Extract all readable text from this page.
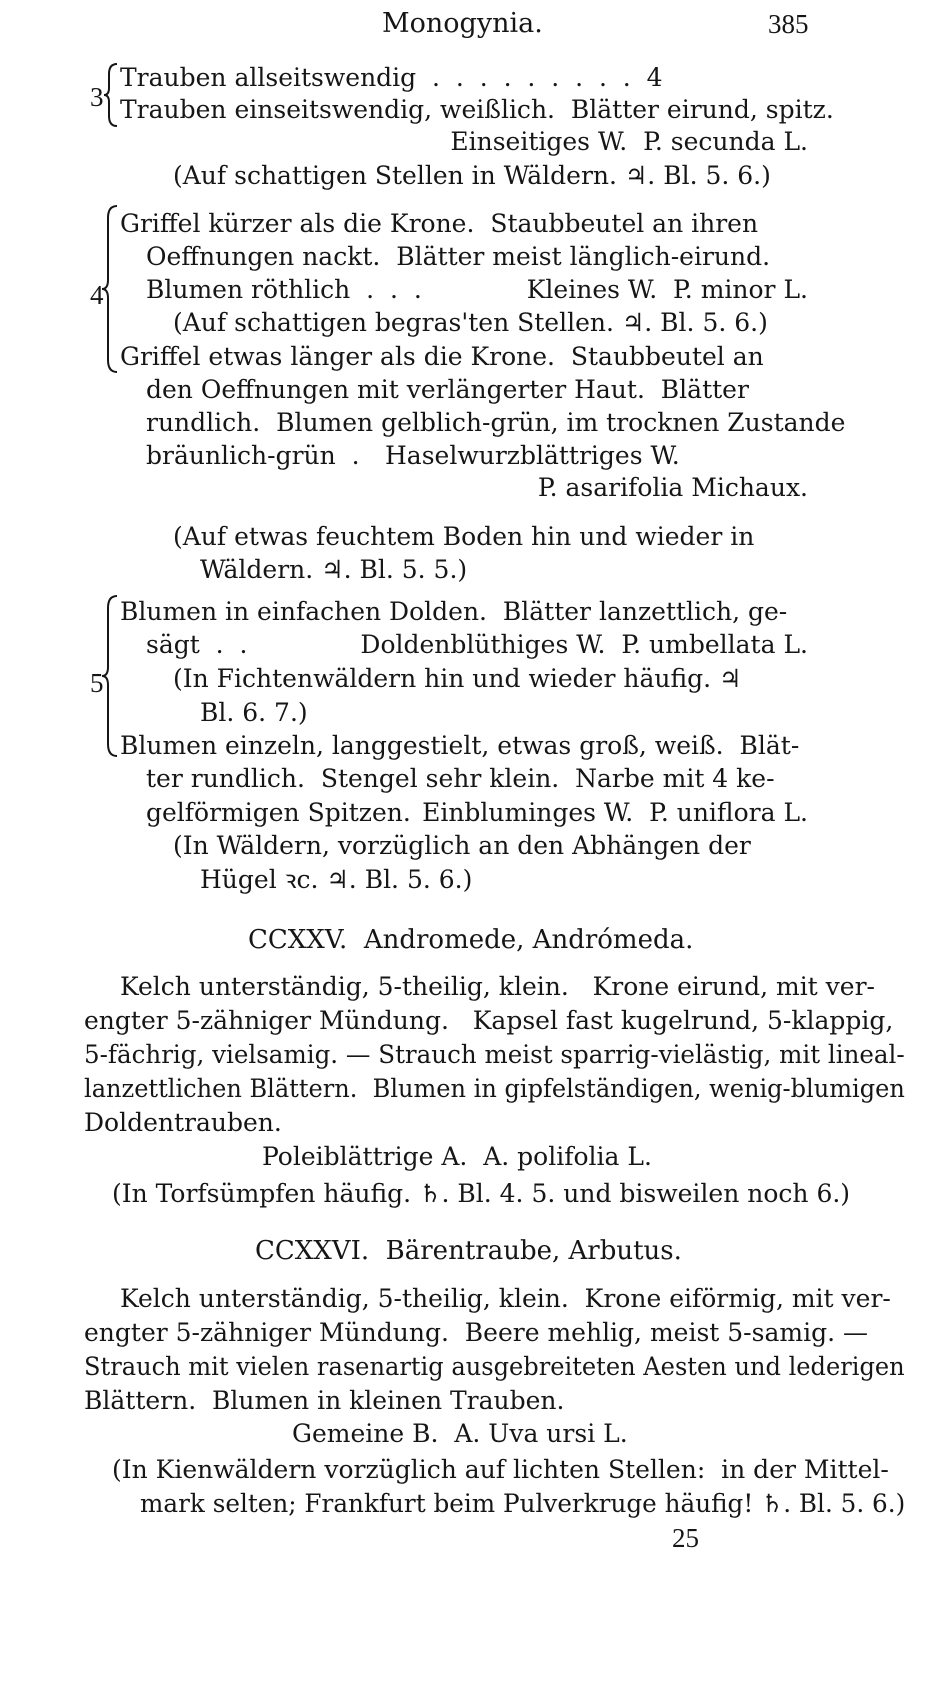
Monogynia.	385
3
Trauben allseitswendig  .  .  .  .  .  .  .  .  .  4
Trauben einseitswendig, weißlich.  Blätter eirund, spitz.
Einseitiges W.  P. secunda L.
(Auf schattigen Stellen in Wäldern. ♃. Bl. 5. 6.)
4
Griffel kürzer als die Krone.  Staubbeutel an ihren
Oeffnungen nackt.  Blätter meist länglich-eirund.
Blumen röthlich  .  .  .	Kleines W.  P. minor L.
(Auf schattigen begras'ten Stellen. ♃. Bl. 5. 6.)
Griffel etwas länger als die Krone.  Staubbeutel an
den Oeffnungen mit verlängerter Haut.  Blätter
rundlich.  Blumen gelblich-grün, im trocknen Zustande
bräunlich-grün  . Haselwurzblättriges W.
P. asarifolia Michaux.
(Auf etwas feuchtem Boden hin und wieder in
Wäldern. ♃. Bl. 5. 5.)
5
Blumen in einfachen Dolden.  Blätter lanzettlich, ge-
sägt  .  .	Doldenblüthiges W.  P. umbellata L.
(In Fichtenwäldern hin und wieder häufig. ♃
Bl. 6. 7.)
Blumen einzeln, langgestielt, etwas groß, weiß.  Blät-
ter rundlich.  Stengel sehr klein.  Narbe mit 4 ke-
gelförmigen Spitzen. Einbluminges W.  P. uniflora L.
(In Wäldern, vorzüglich an den Abhängen der
Hügel ꝛc. ♃. Bl. 5. 6.)
CCXXV.  Andromede, Andrómeda.
Kelch unterständig, 5-theilig, klein.   Krone eirund, mit ver-
engter 5-zähniger Mündung.   Kapsel fast kugelrund, 5-klappig,
5-fächrig, vielsamig. — Strauch meist sparrig-vielästig, mit lineal-
lanzettlichen Blättern.  Blumen in gipfelständigen, wenig-blumigen
Doldentrauben.
Poleiblättrige A.  A. polifolia L.
(In Torfsümpfen häufig. ♄. Bl. 4. 5. und bisweilen noch 6.)
CCXXVI.  Bärentraube, Arbutus.
Kelch unterständig, 5-theilig, klein.  Krone eiförmig, mit ver-
engter 5-zähniger Mündung.  Beere mehlig, meist 5-samig. —
Strauch mit vielen rasenartig ausgebreiteten Aesten und lederigen
Blättern.  Blumen in kleinen Trauben.
Gemeine B.  A. Uva ursi L.
(In Kienwäldern vorzüglich auf lichten Stellen:  in der Mittel-
mark selten; Frankfurt beim Pulverkruge häufig! ♄. Bl. 5. 6.)
25
